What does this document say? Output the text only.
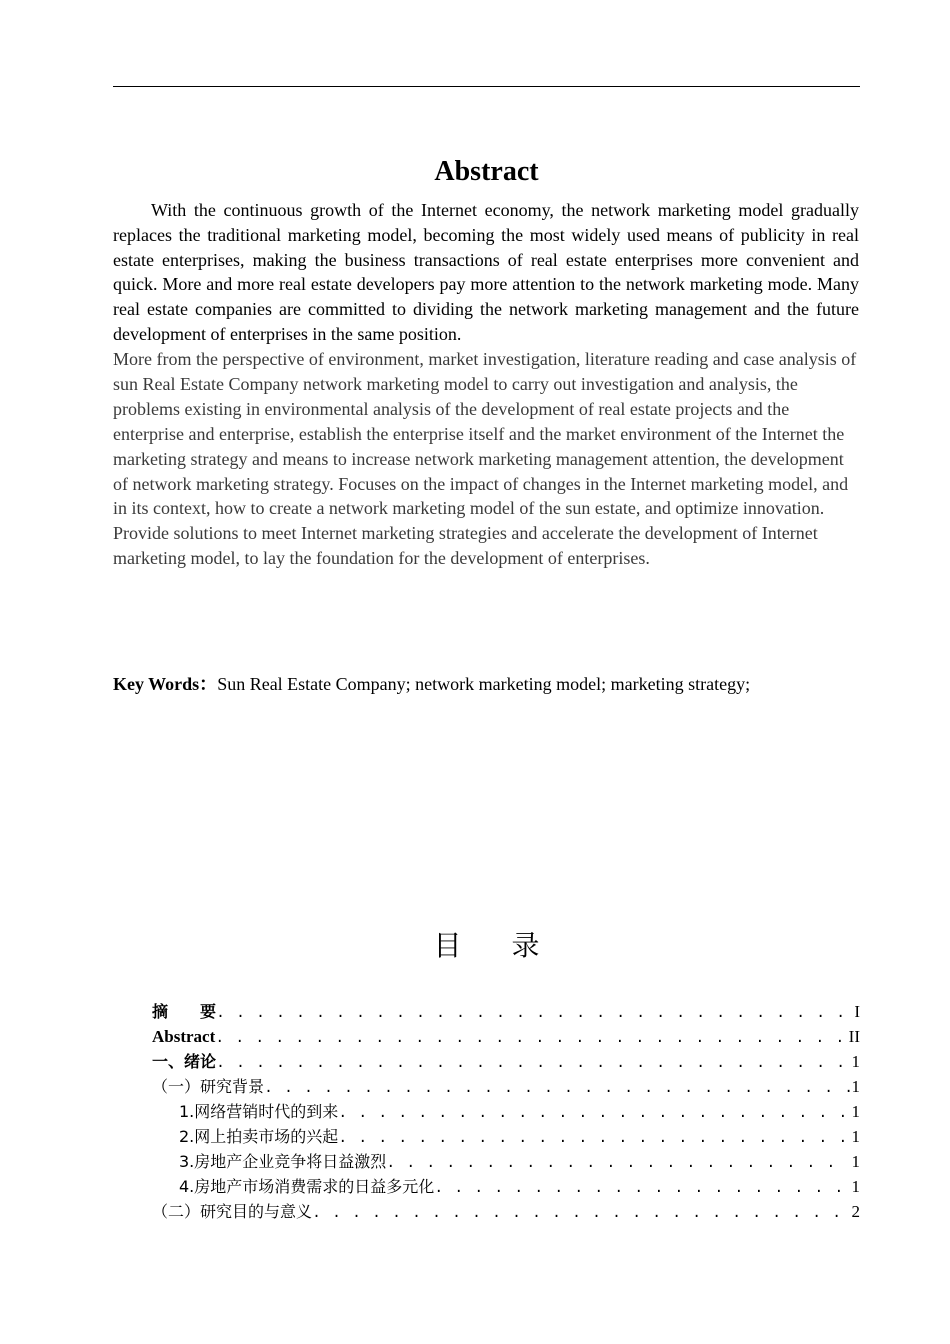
Abstract

With the continuous growth of the Internet economy, the network marketing model gradually replaces the traditional marketing model, becoming the most widely used means of publicity in real estate enterprises, making the business transactions of real estate enterprises more convenient and quick. More and more real estate developers pay more attention to the network marketing mode. Many real estate companies are committed to dividing the network marketing management and the future development of enterprises in the same position.

More from the perspective of environment, market investigation, literature reading and case analysis of sun Real Estate Company network marketing model to carry out investigation and analysis, the problems existing in environmental analysis of the development of real estate projects and the enterprise and enterprise, establish the enterprise itself and the market environment of the Internet the marketing strategy and means to increase network marketing management attention, the development of network marketing strategy. Focuses on the impact of changes in the Internet marketing model, and in its context, how to create a network marketing model of the sun estate, and optimize innovation. Provide solutions to meet Internet marketing strategies and accelerate the development of Internet marketing model, to lay the foundation for the development of enterprises.

Key Words：Sun Real Estate Company; network marketing model; marketing strategy;
目录
摘　　要 . . .	I
Abstract . . .	II
一、绪论 . . .	1
（一）研究背景 . . .	1
1.网络营销时代的到来 . . .	1
2.网上拍卖市场的兴起 . . .	1
3.房地产企业竞争将日益激烈 . . .	1
4.房地产市场消费需求的日益多元化 . . .	1
（二）研究目的与意义 . . .	2
